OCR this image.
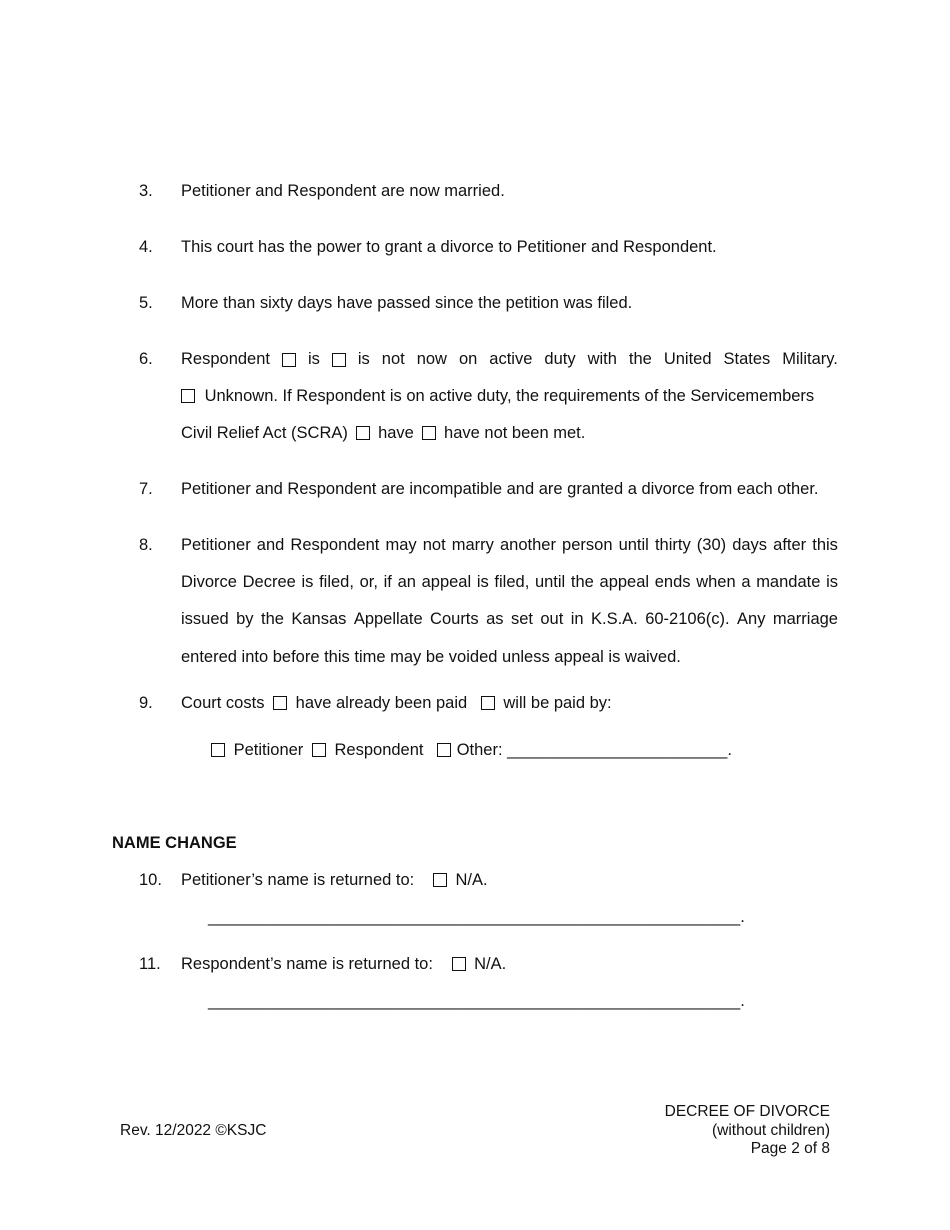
3. Petitioner and Respondent are now married.
4. This court has the power to grant a divorce to Petitioner and Respondent.
5. More than sixty days have passed since the petition was filed.
6. Respondent is is not now on active duty with the United States Military.
Unknown. If Respondent is on active duty, the requirements of the Servicemembers
Civil Relief Act (SCRA) have have not been met.
7. Petitioner and Respondent are incompatible and are granted a divorce from each other.
8. Petitioner and Respondent may not marry another person until thirty (30) days after this
Divorce Decree is filed, or, if an appeal is filed, until the appeal ends when a mandate is
issued by the Kansas Appellate Courts as set out in K.S.A. 60-2106(c). Any marriage
entered into before this time may be voided unless appeal is waived.
9. Court costs have already been paid will be paid by:
Petitioner Respondent Other: ________________________.
NAME CHANGE
10. Petitioner’s name is returned to: N/A.
__________________________________________________________.
11. Respondent’s name is returned to: N/A.
__________________________________________________________.
Rev. 12/2022 ©KSJC
DECREE OF DIVORCE
(without children)
Page 2 of 8
